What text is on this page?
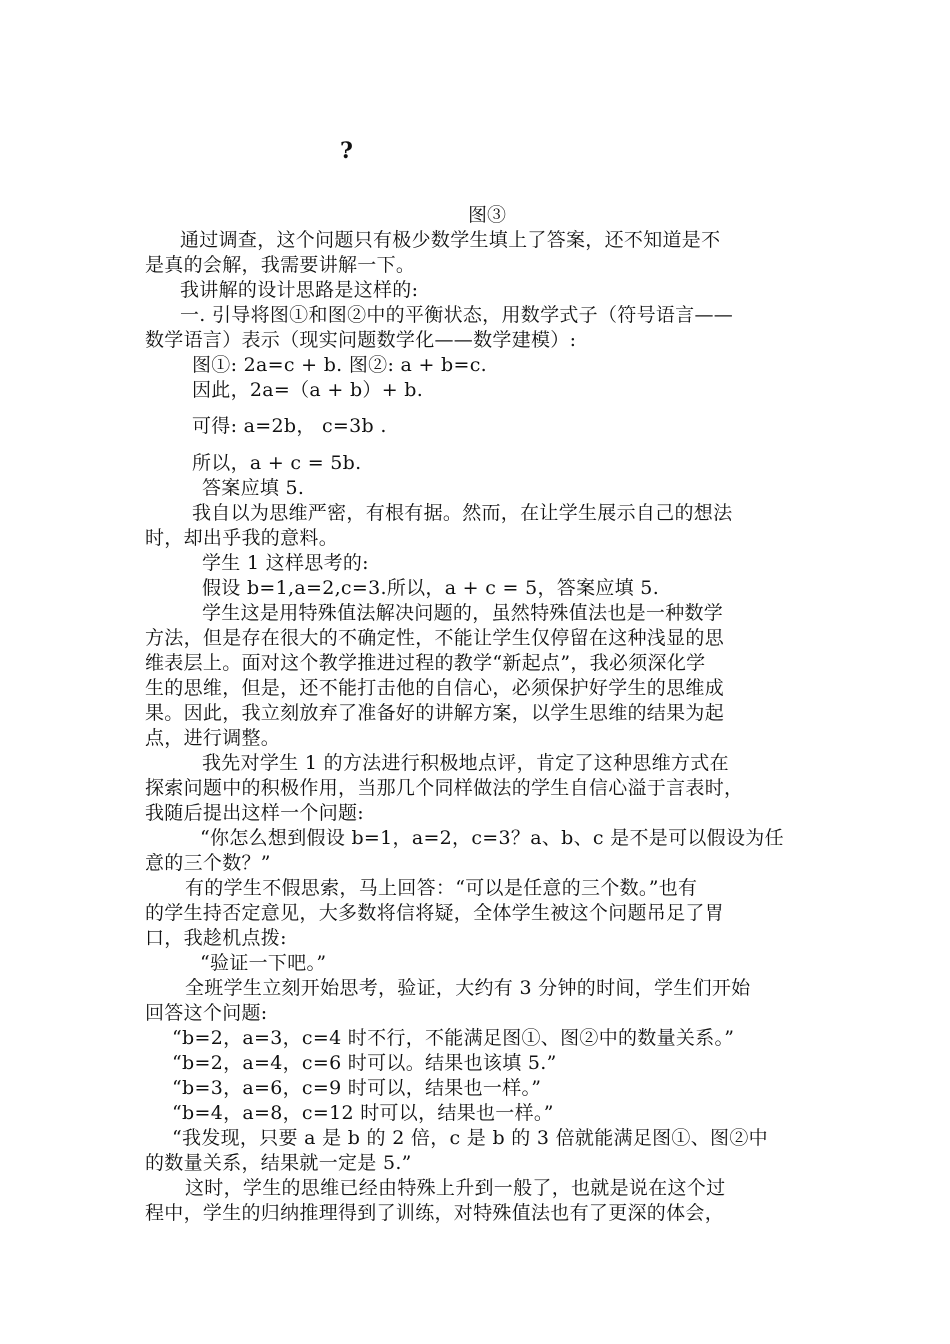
?
图③
通过调查，这个问题只有极少数学生填上了答案，还不知道是不
是真的会解，我需要讲解一下。
我讲解的设计思路是这样的:
一. 引导将图①和图②中的平衡状态，用数学式子（符号语言——
数学语言）表示（现实问题数学化——数学建模）:
图①: 2a=c + b. 图②: a + b=c.
因此，2a=（a + b）+ b.
可得: a=2b， c=3b .
所以，a + c = 5b.
答案应填 5.
我自以为思维严密，有根有据。然而，在让学生展示自己的想法
时，却出乎我的意料。
学生 1 这样思考的:
假设 b=1,a=2,c=3.所以，a + c = 5，答案应填 5.
学生这是用特殊值法解决问题的，虽然特殊值法也是一种数学
方法，但是存在很大的不确定性，不能让学生仅停留在这种浅显的思
维表层上。面对这个教学推进过程的教学“新起点”，我必须深化学
生的思维，但是，还不能打击他的自信心，必须保护好学生的思维成
果。因此，我立刻放弃了准备好的讲解方案，以学生思维的结果为起
点，进行调整。
我先对学生 1 的方法进行积极地点评，肯定了这种思维方式在
探索问题中的积极作用，当那几个同样做法的学生自信心溢于言表时，
我随后提出这样一个问题:
“你怎么想到假设 b=1，a=2，c=3？a、b、c 是不是可以假设为任
意的三个数？”
有的学生不假思索，马上回答：“可以是任意的三个数。”也有
的学生持否定意见，大多数将信将疑，全体学生被这个问题吊足了胃
口，我趁机点拨:
“验证一下吧。”
全班学生立刻开始思考，验证，大约有 3 分钟的时间，学生们开始
回答这个问题:
“b=2，a=3，c=4 时不行，不能满足图①、图②中的数量关系。”
“b=2，a=4，c=6 时可以。结果也该填 5.”
“b=3，a=6，c=9 时可以，结果也一样。”
“b=4，a=8，c=12 时可以，结果也一样。”
“我发现，只要 a 是 b 的 2 倍，c 是 b 的 3 倍就能满足图①、图②中
的数量关系，结果就一定是 5.”
这时，学生的思维已经由特殊上升到一般了，也就是说在这个过
程中，学生的归纳推理得到了训练，对特殊值法也有了更深的体会，
